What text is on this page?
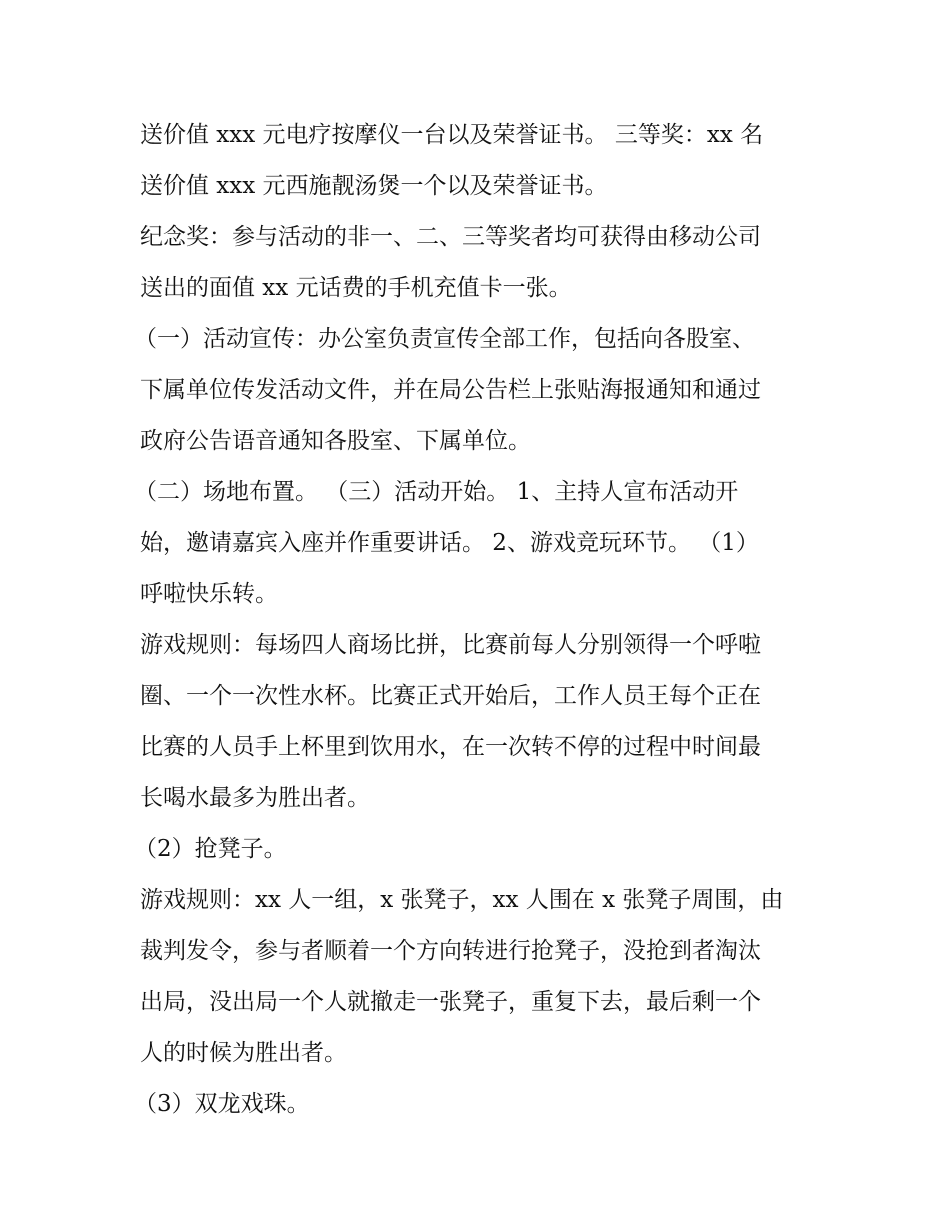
送价值 xxx 元电疗按摩仪一台以及荣誉证书。 三等奖：xx 名
送价值 xxx 元西施靓汤煲一个以及荣誉证书。
纪念奖：参与活动的非一、二、三等奖者均可获得由移动公司
送出的面值 xx 元话费的手机充值卡一张。
（一）活动宣传：办公室负责宣传全部工作，包括向各股室、
下属单位传发活动文件，并在局公告栏上张贴海报通知和通过
政府公告语音通知各股室、下属单位。
（二）场地布置。 （三）活动开始。 1、主持人宣布活动开
始，邀请嘉宾入座并作重要讲话。 2、游戏竞玩环节。 （1）
呼啦快乐转。
游戏规则：每场四人商场比拼，比赛前每人分别领得一个呼啦
圈、一个一次性水杯。比赛正式开始后，工作人员王每个正在
比赛的人员手上杯里到饮用水，在一次转不停的过程中时间最
长喝水最多为胜出者。
（2）抢凳子。
游戏规则：xx 人一组，x 张凳子，xx 人围在 x 张凳子周围，由
裁判发令，参与者顺着一个方向转进行抢凳子，没抢到者淘汰
出局，没出局一个人就撤走一张凳子，重复下去，最后剩一个
人的时候为胜出者。
（3）双龙戏珠。
